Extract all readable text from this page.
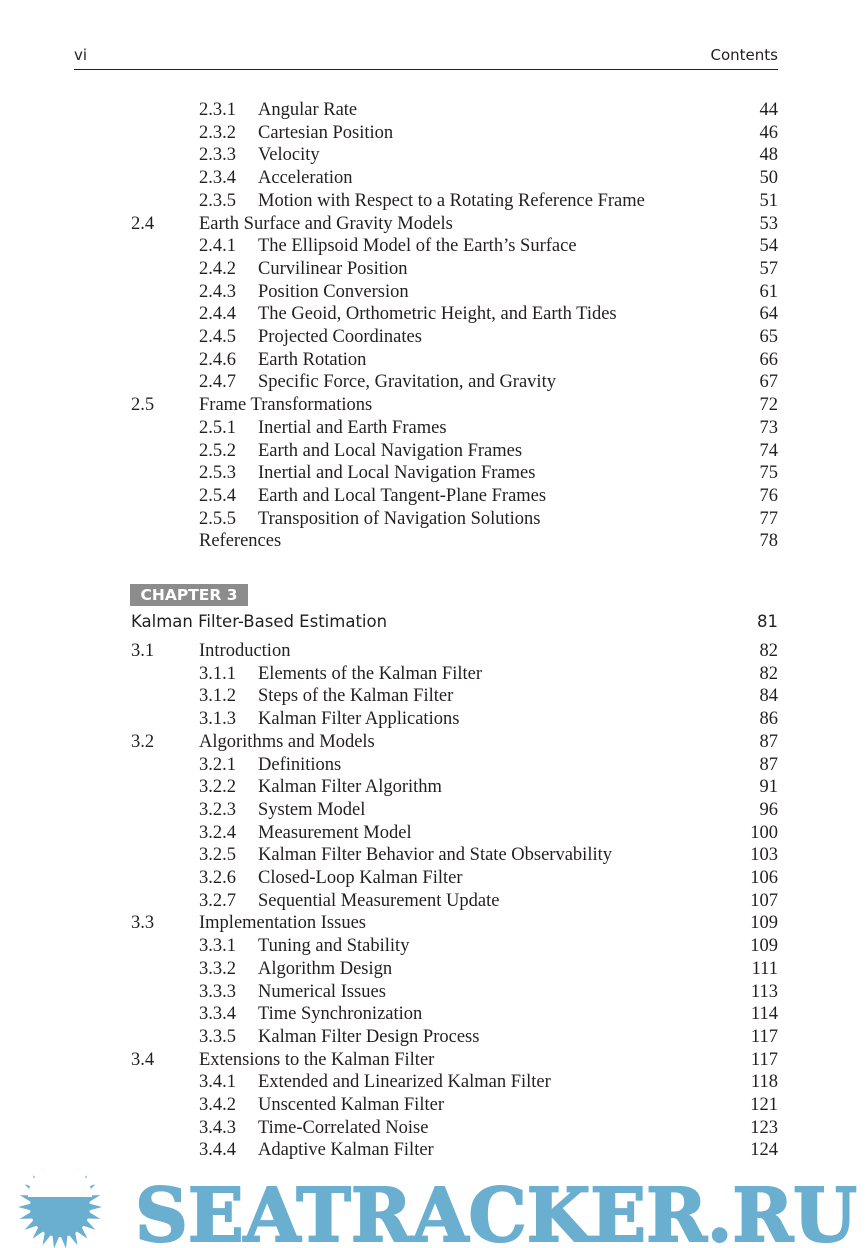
vi	Contents
2.3.1 Angular Rate	44
2.3.2 Cartesian Position	46
2.3.3 Velocity	48
2.3.4 Acceleration	50
2.3.5 Motion with Respect to a Rotating Reference Frame	51
2.4 Earth Surface and Gravity Models	53
2.4.1 The Ellipsoid Model of the Earth’s Surface	54
2.4.2 Curvilinear Position	57
2.4.3 Position Conversion	61
2.4.4 The Geoid, Orthometric Height, and Earth Tides	64
2.4.5 Projected Coordinates	65
2.4.6 Earth Rotation	66
2.4.7 Specific Force, Gravitation, and Gravity	67
2.5 Frame Transformations	72
2.5.1 Inertial and Earth Frames	73
2.5.2 Earth and Local Navigation Frames	74
2.5.3 Inertial and Local Navigation Frames	75
2.5.4 Earth and Local Tangent-Plane Frames	76
2.5.5 Transposition of Navigation Solutions	77
References	78
CHAPTER 3
Kalman Filter-Based Estimation	81
3.1 Introduction	82
3.1.1 Elements of the Kalman Filter	82
3.1.2 Steps of the Kalman Filter	84
3.1.3 Kalman Filter Applications	86
3.2 Algorithms and Models	87
3.2.1 Definitions	87
3.2.2 Kalman Filter Algorithm	91
3.2.3 System Model	96
3.2.4 Measurement Model	100
3.2.5 Kalman Filter Behavior and State Observability	103
3.2.6 Closed-Loop Kalman Filter	106
3.2.7 Sequential Measurement Update	107
3.3 Implementation Issues	109
3.3.1 Tuning and Stability	109
3.3.2 Algorithm Design	111
3.3.3 Numerical Issues	113
3.3.4 Time Synchronization	114
3.3.5 Kalman Filter Design Process	117
3.4 Extensions to the Kalman Filter	117
3.4.1 Extended and Linearized Kalman Filter	118
3.4.2 Unscented Kalman Filter	121
3.4.3 Time-Correlated Noise	123
3.4.4 Adaptive Kalman Filter	124
SEATRACKER.RU
